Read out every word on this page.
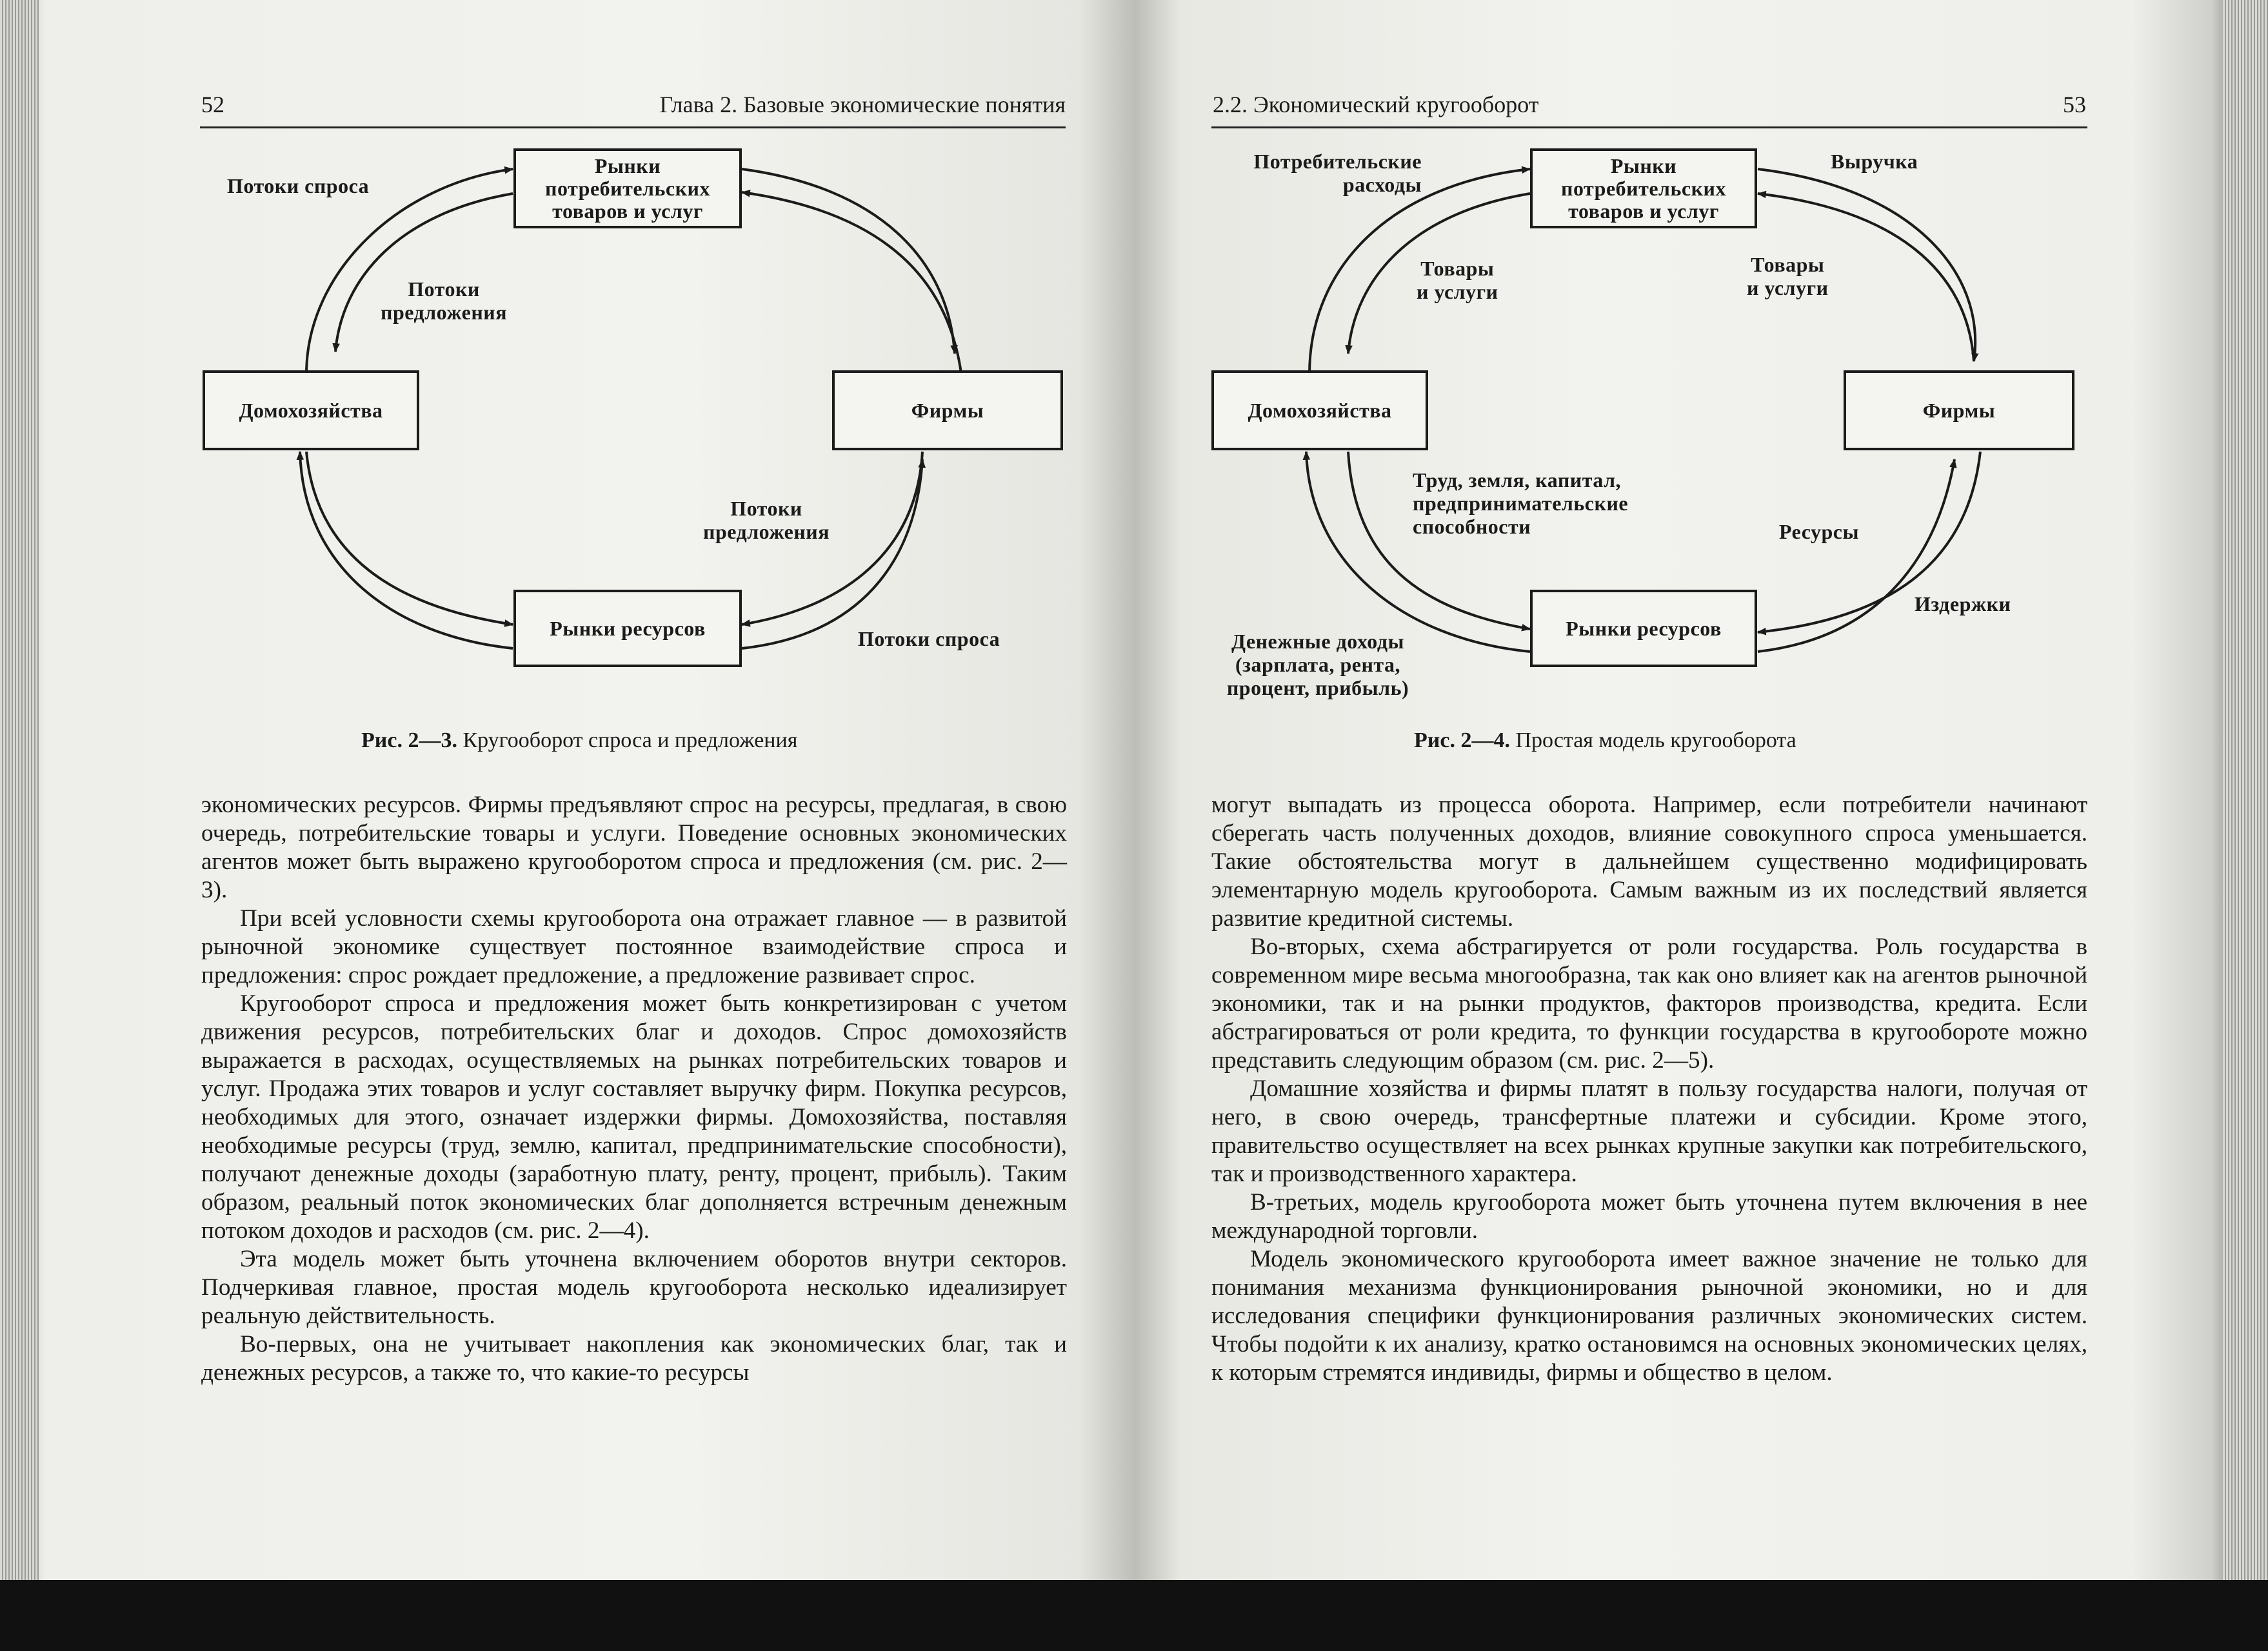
52	Глава 2. Базовые экономические понятия
Рынки
потребительских
товаров и услуг
Домохозяйства	Фирмы
Рынки ресурсов
Потоки спроса
Потоки
предложения
Потоки
предложения
Потоки спроса
Рис. 2—3. Кругооборот спроса и предложения

экономических ресурсов. Фирмы предъявляют спрос на ресурсы, предлагая, в свою очередь, потребительские товары и услуги. Поведение основных экономических агентов может быть выражено кругооборотом спроса и предложения (см. рис. 2—3).

При всей условности схемы кругооборота она отражает главное — в развитой рыночной экономике существует постоянное взаимодействие спроса и предложения: спрос рождает предложение, а предложение развивает спрос.

Кругооборот спроса и предложения может быть конкретизирован с учетом движения ресурсов, потребительских благ и доходов. Спрос домохозяйств выражается в расходах, осуществляемых на рынках потребительских товаров и услуг. Продажа этих товаров и услуг составляет выручку фирм. Покупка ресурсов, необходимых для этого, означает издержки фирмы. Домохозяйства, поставляя необходимые ресурсы (труд, землю, капитал, предпринимательские способности), получают денежные доходы (заработную плату, ренту, процент, прибыль). Таким образом, реальный поток экономических благ дополняется встречным денежным потоком доходов и расходов (см. рис. 2—4).

Эта модель может быть уточнена включением оборотов внутри секторов. Подчеркивая главное, простая модель кругооборота несколько идеализирует реальную действительность.

Во-первых, она не учитывает накопления как экономических благ, так и денежных ресурсов, а также то, что какие-то ресурсы

2.2. Экономический кругооборот	53
Рынки
потребительских
товаров и услуг
Домохозяйства	Фирмы
Рынки ресурсов
Потребительские
расходы
Выручка
Товары
и услуги
Товары
и услуги
Труд, земля, капитал,
предпринимательские
способности	Ресурсы
Издержки
Денежные доходы
(зарплата, рента,
процент, прибыль)
Рис. 2—4. Простая модель кругооборота

могут выпадать из процесса оборота. Например, если потребители начинают сберегать часть полученных доходов, влияние совокупного спроса уменьшается. Такие обстоятельства могут в дальнейшем существенно модифицировать элементарную модель кругооборота. Самым важным из их последствий является развитие кредитной системы.

Во-вторых, схема абстрагируется от роли государства. Роль государства в современном мире весьма многообразна, так как оно влияет как на агентов рыночной экономики, так и на рынки продуктов, факторов производства, кредита. Если абстрагироваться от роли кредита, то функции государства в кругообороте можно представить следующим образом (см. рис. 2—5).

Домашние хозяйства и фирмы платят в пользу государства налоги, получая от него, в свою очередь, трансфертные платежи и субсидии. Кроме этого, правительство осуществляет на всех рынках крупные закупки как потребительского, так и производственного характера.

В-третьих, модель кругооборота может быть уточнена путем включения в нее международной торговли.

Модель экономического кругооборота имеет важное значение не только для понимания механизма функционирования рыночной экономики, но и для исследования специфики функционирования различных экономических систем. Чтобы подойти к их анализу, кратко остановимся на основных экономических целях, к которым стремятся индивиды, фирмы и общество в целом.
